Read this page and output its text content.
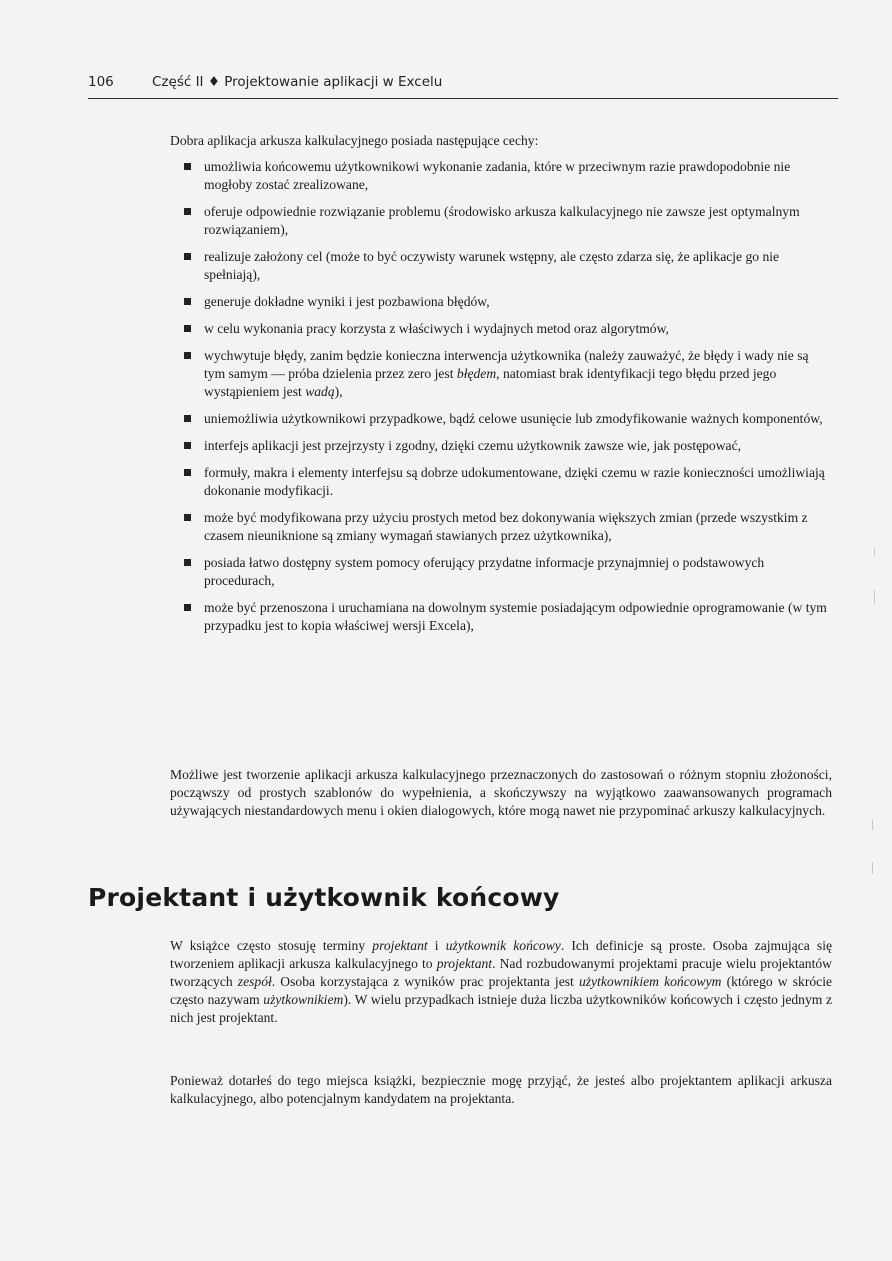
106	Część II ♦ Projektowanie aplikacji w Excelu

Dobra aplikacja arkusza kalkulacyjnego posiada następujące cechy:

umożliwia końcowemu użytkownikowi wykonanie zadania, które w przeciwnym razie prawdopodobnie nie mogłoby zostać zrealizowane,
oferuje odpowiednie rozwiązanie problemu (środowisko arkusza kalkulacyjnego nie zawsze jest optymalnym rozwiązaniem),
realizuje założony cel (może to być oczywisty warunek wstępny, ale często zdarza się, że aplikacje go nie spełniają),
generuje dokładne wyniki i jest pozbawiona błędów,
w celu wykonania pracy korzysta z właściwych i wydajnych metod oraz algorytmów,
wychwytuje błędy, zanim będzie konieczna interwencja użytkownika (należy zauważyć, że błędy i wady nie są tym samym — próba dzielenia przez zero jest błędem, natomiast brak identyfikacji tego błędu przed jego wystąpieniem jest wadą),
uniemożliwia użytkownikowi przypadkowe, bądź celowe usunięcie lub zmodyfikowanie ważnych komponentów,
interfejs aplikacji jest przejrzysty i zgodny, dzięki czemu użytkownik zawsze wie, jak postępować,
formuły, makra i elementy interfejsu są dobrze udokumentowane, dzięki czemu w razie konieczności umożliwiają dokonanie modyfikacji.
może być modyfikowana przy użyciu prostych metod bez dokonywania większych zmian (przede wszystkim z czasem nieuniknione są zmiany wymagań stawianych przez użytkownika),
posiada łatwo dostępny system pomocy oferujący przydatne informacje przynajmniej o podstawowych procedurach,
może być przenoszona i uruchamiana na dowolnym systemie posiadającym odpowiednie oprogramowanie (w tym przypadku jest to kopia właściwej wersji Excela),

Możliwe jest tworzenie aplikacji arkusza kalkulacyjnego przeznaczonych do zastosowań o różnym stopniu złożoności, począwszy od prostych szablonów do wypełnienia, a skończywszy na wyjątkowo zaawansowanych programach używających niestandardowych menu i okien dialogowych, które mogą nawet nie przypominać arkuszy kalkulacyjnych.

Projektant i użytkownik końcowy

W książce często stosuję terminy projektant i użytkownik końcowy. Ich definicje są proste. Osoba zajmująca się tworzeniem aplikacji arkusza kalkulacyjnego to projektant. Nad rozbudowanymi projektami pracuje wielu projektantów tworzących zespół. Osoba korzystająca z wyników prac projektanta jest użytkownikiem końcowym (którego w skrócie często nazywam użytkownikiem). W wielu przypadkach istnieje duża liczba użytkowników końcowych i często jednym z nich jest projektant.

Ponieważ dotarłeś do tego miejsca książki, bezpiecznie mogę przyjąć, że jesteś albo projektantem aplikacji arkusza kalkulacyjnego, albo potencjalnym kandydatem na projektanta.
